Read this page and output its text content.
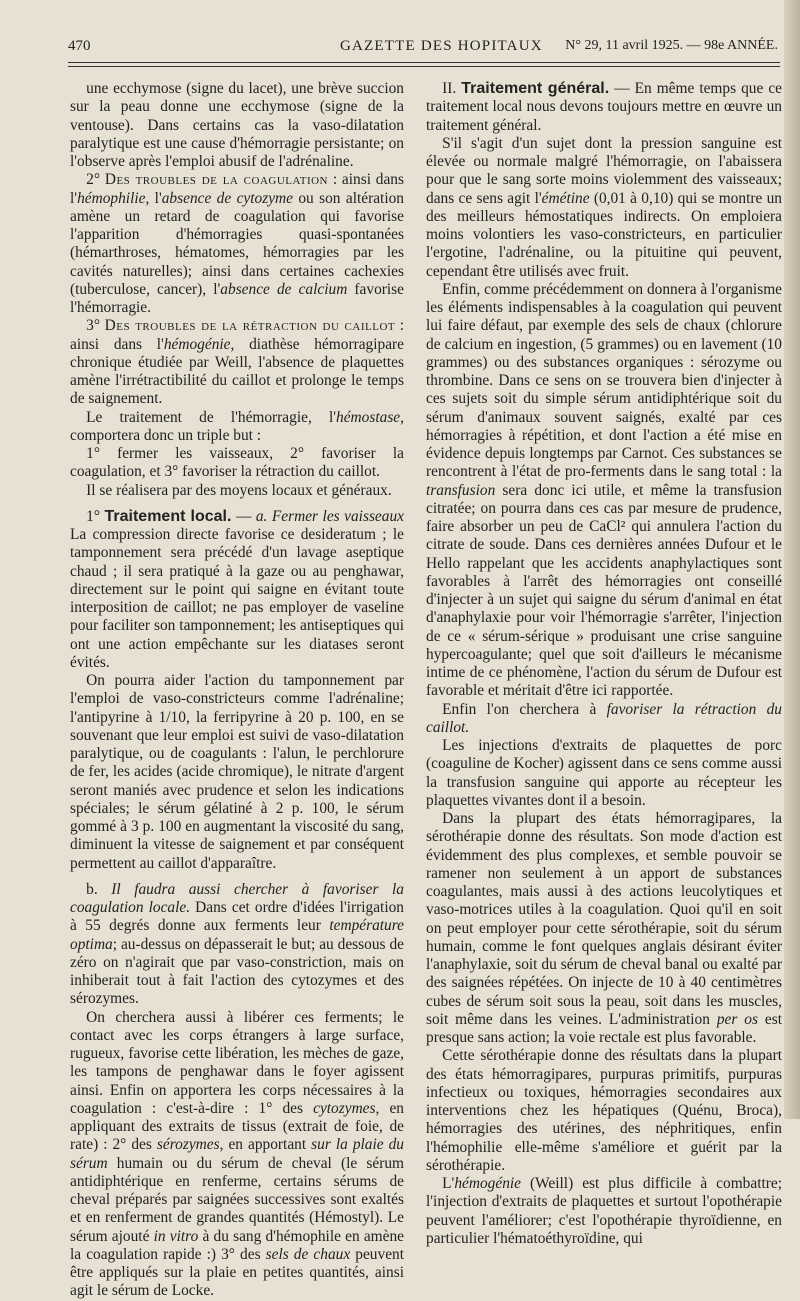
470	GAZETTE DES HOPITAUX N° 29, 11 avril 1925. — 98e ANNÉE.

une ecchymose (signe du lacet), une brève succion sur la peau donne une ecchymose (signe de la ventouse). Dans certains cas la vaso-dilatation paralytique est une cause d'hémorragie persistante; on l'observe après l'emploi abusif de l'adrénaline.

2° Des troubles de la coagulation : ainsi dans l'hémophilie, l'absence de cytozyme ou son altération amène un retard de coagulation qui favorise l'apparition d'hémorragies quasi-spontanées (hémarthroses, hématomes, hémorragies par les cavités naturelles); ainsi dans certaines cachexies (tuberculose, cancer), l'absence de calcium favorise l'hémorragie.

3° Des troubles de la rétraction du caillot : ainsi dans l'hémogénie, diathèse hémorragipare chronique étudiée par Weill, l'absence de plaquettes amène l'irrétractibilité du caillot et prolonge le temps de saignement.

Le traitement de l'hémorragie, l'hémostase, comportera donc un triple but :

1° fermer les vaisseaux, 2° favoriser la coagulation, et 3° favoriser la rétraction du caillot.

Il se réalisera par des moyens locaux et généraux.

1° Traitement local. — a. Fermer les vaisseaux La compression directe favorise ce desideratum ; le tamponnement sera précédé d'un lavage aseptique chaud ; il sera pratiqué à la gaze ou au penghawar, directement sur le point qui saigne en évitant toute interposition de caillot; ne pas employer de vaseline pour faciliter son tamponnement; les antiseptiques qui ont une action empêchante sur les diatases seront évités.

On pourra aider l'action du tamponnement par l'emploi de vaso-constricteurs comme l'adrénaline; l'antipyrine à 1/10, la ferripyrine à 20 p. 100, en se souvenant que leur emploi est suivi de vaso-dilatation paralytique, ou de coagulants : l'alun, le perchlorure de fer, les acides (acide chromique), le nitrate d'argent seront maniés avec prudence et selon les indications spéciales; le sérum gélatiné à 2 p. 100, le sérum gommé à 3 p. 100 en augmentant la viscosité du sang, diminuent la vitesse de saignement et par conséquent permettent au caillot d'apparaître.

b. Il faudra aussi chercher à favoriser la coagulation locale. Dans cet ordre d'idées l'irrigation à 55 degrés donne aux ferments leur température optima; au-dessus on dépasserait le but; au dessous de zéro on n'agirait que par vaso-constriction, mais on inhiberait tout à fait l'action des cytozymes et des sérozymes.

On cherchera aussi à libérer ces ferments; le contact avec les corps étrangers à large surface, rugueux, favorise cette libération, les mèches de gaze, les tampons de penghawar dans le foyer agissent ainsi. Enfin on apportera les corps nécessaires à la coagulation : c'est-à-dire : 1° des cytozymes, en appliquant des extraits de tissus (extrait de foie, de rate) : 2° des sérozymes, en apportant sur la plaie du sérum humain ou du sérum de cheval (le sérum antidiphtérique en renferme, certains sérums de cheval préparés par saignées successives sont exaltés et en renferment de grandes quantités (Hémostyl). Le sérum ajouté in vitro à du sang d'hémophile en amène la coagulation rapide :) 3° des sels de chaux peuvent être appliqués sur la plaie en petites quantités, ainsi agit le sérum de Locke.

II. Traitement général. — En même temps que ce traitement local nous devons toujours mettre en œuvre un traitement général.

S'il s'agit d'un sujet dont la pression sanguine est élevée ou normale malgré l'hémorragie, on l'abaissera pour que le sang sorte moins violemment des vaisseaux; dans ce sens agit l'émétine (0,01 à 0,10) qui se montre un des meilleurs hémostatiques indirects. On emploiera moins volontiers les vaso-constricteurs, en particulier l'ergotine, l'adrénaline, ou la pituitine qui peuvent, cependant être utilisés avec fruit.

Enfin, comme précédemment on donnera à l'organisme les éléments indispensables à la coagulation qui peuvent lui faire défaut, par exemple des sels de chaux (chlorure de calcium en ingestion, (5 grammes) ou en lavement (10 grammes) ou des substances organiques : sérozyme ou thrombine. Dans ce sens on se trouvera bien d'injecter à ces sujets soit du simple sérum antidiphtérique soit du sérum d'animaux souvent saignés, exalté par ces hémorragies à répétition, et dont l'action a été mise en évidence depuis longtemps par Carnot. Ces substances se rencontrent à l'état de pro-ferments dans le sang total : la transfusion sera donc ici utile, et même la transfusion citratée; on pourra dans ces cas par mesure de prudence, faire absorber un peu de CaCl² qui annulera l'action du citrate de soude. Dans ces dernières années Dufour et le Hello rappelant que les accidents anaphylactiques sont favorables à l'arrêt des hémorragies ont conseillé d'injecter à un sujet qui saigne du sérum d'animal en état d'anaphylaxie pour voir l'hémorragie s'arrêter, l'injection de ce « sérum-sérique » produisant une crise sanguine hypercoagulante; quel que soit d'ailleurs le mécanisme intime de ce phénomène, l'action du sérum de Dufour est favorable et méritait d'être ici rapportée.

Enfin l'on cherchera à favoriser la rétraction du caillot.

Les injections d'extraits de plaquettes de porc (coaguline de Kocher) agissent dans ce sens comme aussi la transfusion sanguine qui apporte au récepteur les plaquettes vivantes dont il a besoin.

Dans la plupart des états hémorragipares, la sérothérapie donne des résultats. Son mode d'action est évidemment des plus complexes, et semble pouvoir se ramener non seulement à un apport de substances coagulantes, mais aussi à des actions leucolytiques et vaso-motrices utiles à la coagulation. Quoi qu'il en soit on peut employer pour cette sérothérapie, soit du sérum humain, comme le font quelques anglais désirant éviter l'anaphylaxie, soit du sérum de cheval banal ou exalté par des saignées répétées. On injecte de 10 à 40 centimètres cubes de sérum soit sous la peau, soit dans les muscles, soit même dans les veines. L'administration per os est presque sans action; la voie rectale est plus favorable.

Cette sérothérapie donne des résultats dans la plupart des états hémorragipares, purpuras primitifs, purpuras infectieux ou toxiques, hémorragies secondaires aux interventions chez les hépatiques (Quénu, Broca), hémorragies des utérines, des néphritiques, enfin l'hémophilie elle-même s'améliore et guérit par la sérothérapie.

L'hémogénie (Weill) est plus difficile à combattre; l'injection d'extraits de plaquettes et surtout l'opothérapie peuvent l'améliorer; c'est l'opothérapie thyroïdienne, en particulier l'hématoéthyroïdine, qui
